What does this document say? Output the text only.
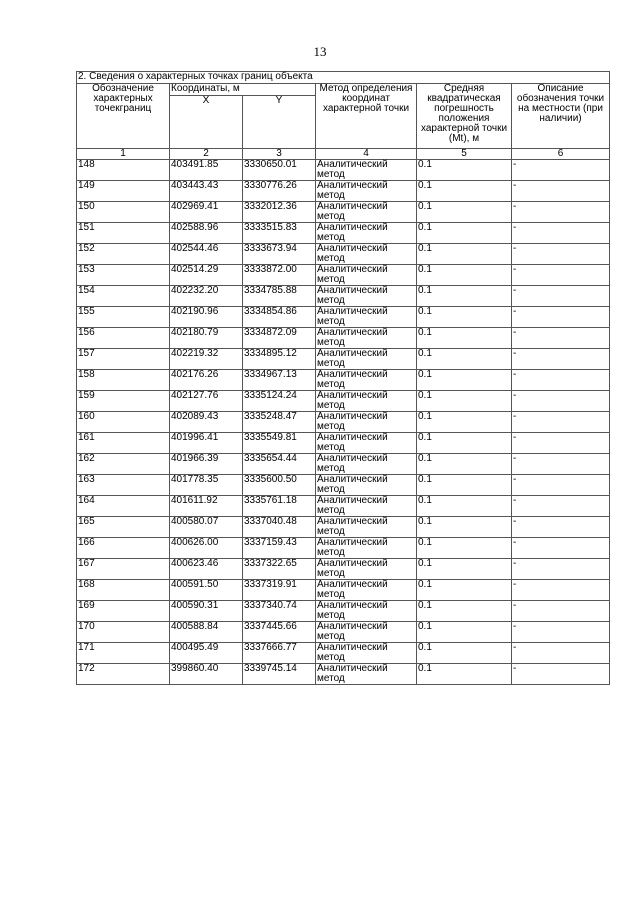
13
2. Сведения о характерных точках границ объекта					
Обозначение характерных точекграниц	Координаты, м		Метод определения координат характерной точки	Средняя квадратическая погрешность положения характерной точки (Mt), м	Описание обозначения точки на местности (при наличии)
	X	Y			
1	2	3	4	5	6
148	403491.85	3330650.01	Аналитический метод	0.1	-
149	403443.43	3330776.26	Аналитический метод	0.1	-
150	402969.41	3332012.36	Аналитический метод	0.1	-
151	402588.96	3333515.83	Аналитический метод	0.1	-
152	402544.46	3333673.94	Аналитический метод	0.1	-
153	402514.29	3333872.00	Аналитический метод	0.1	-
154	402232.20	3334785.88	Аналитический метод	0.1	-
155	402190.96	3334854.86	Аналитический метод	0.1	-
156	402180.79	3334872.09	Аналитический метод	0.1	-
157	402219.32	3334895.12	Аналитический метод	0.1	-
158	402176.26	3334967.13	Аналитический метод	0.1	-
159	402127.76	3335124.24	Аналитический метод	0.1	-
160	402089.43	3335248.47	Аналитический метод	0.1	-
161	401996.41	3335549.81	Аналитический метод	0.1	-
162	401966.39	3335654.44	Аналитический метод	0.1	-
163	401778.35	3335600.50	Аналитический метод	0.1	-
164	401611.92	3335761.18	Аналитический метод	0.1	-
165	400580.07	3337040.48	Аналитический метод	0.1	-
166	400626.00	3337159.43	Аналитический метод	0.1	-
167	400623.46	3337322.65	Аналитический метод	0.1	-
168	400591.50	3337319.91	Аналитический метод	0.1	-
169	400590.31	3337340.74	Аналитический метод	0.1	-
170	400588.84	3337445.66	Аналитический метод	0.1	-
171	400495.49	3337666.77	Аналитический метод	0.1	-
172	399860.40	3339745.14	Аналитический метод	0.1	-
